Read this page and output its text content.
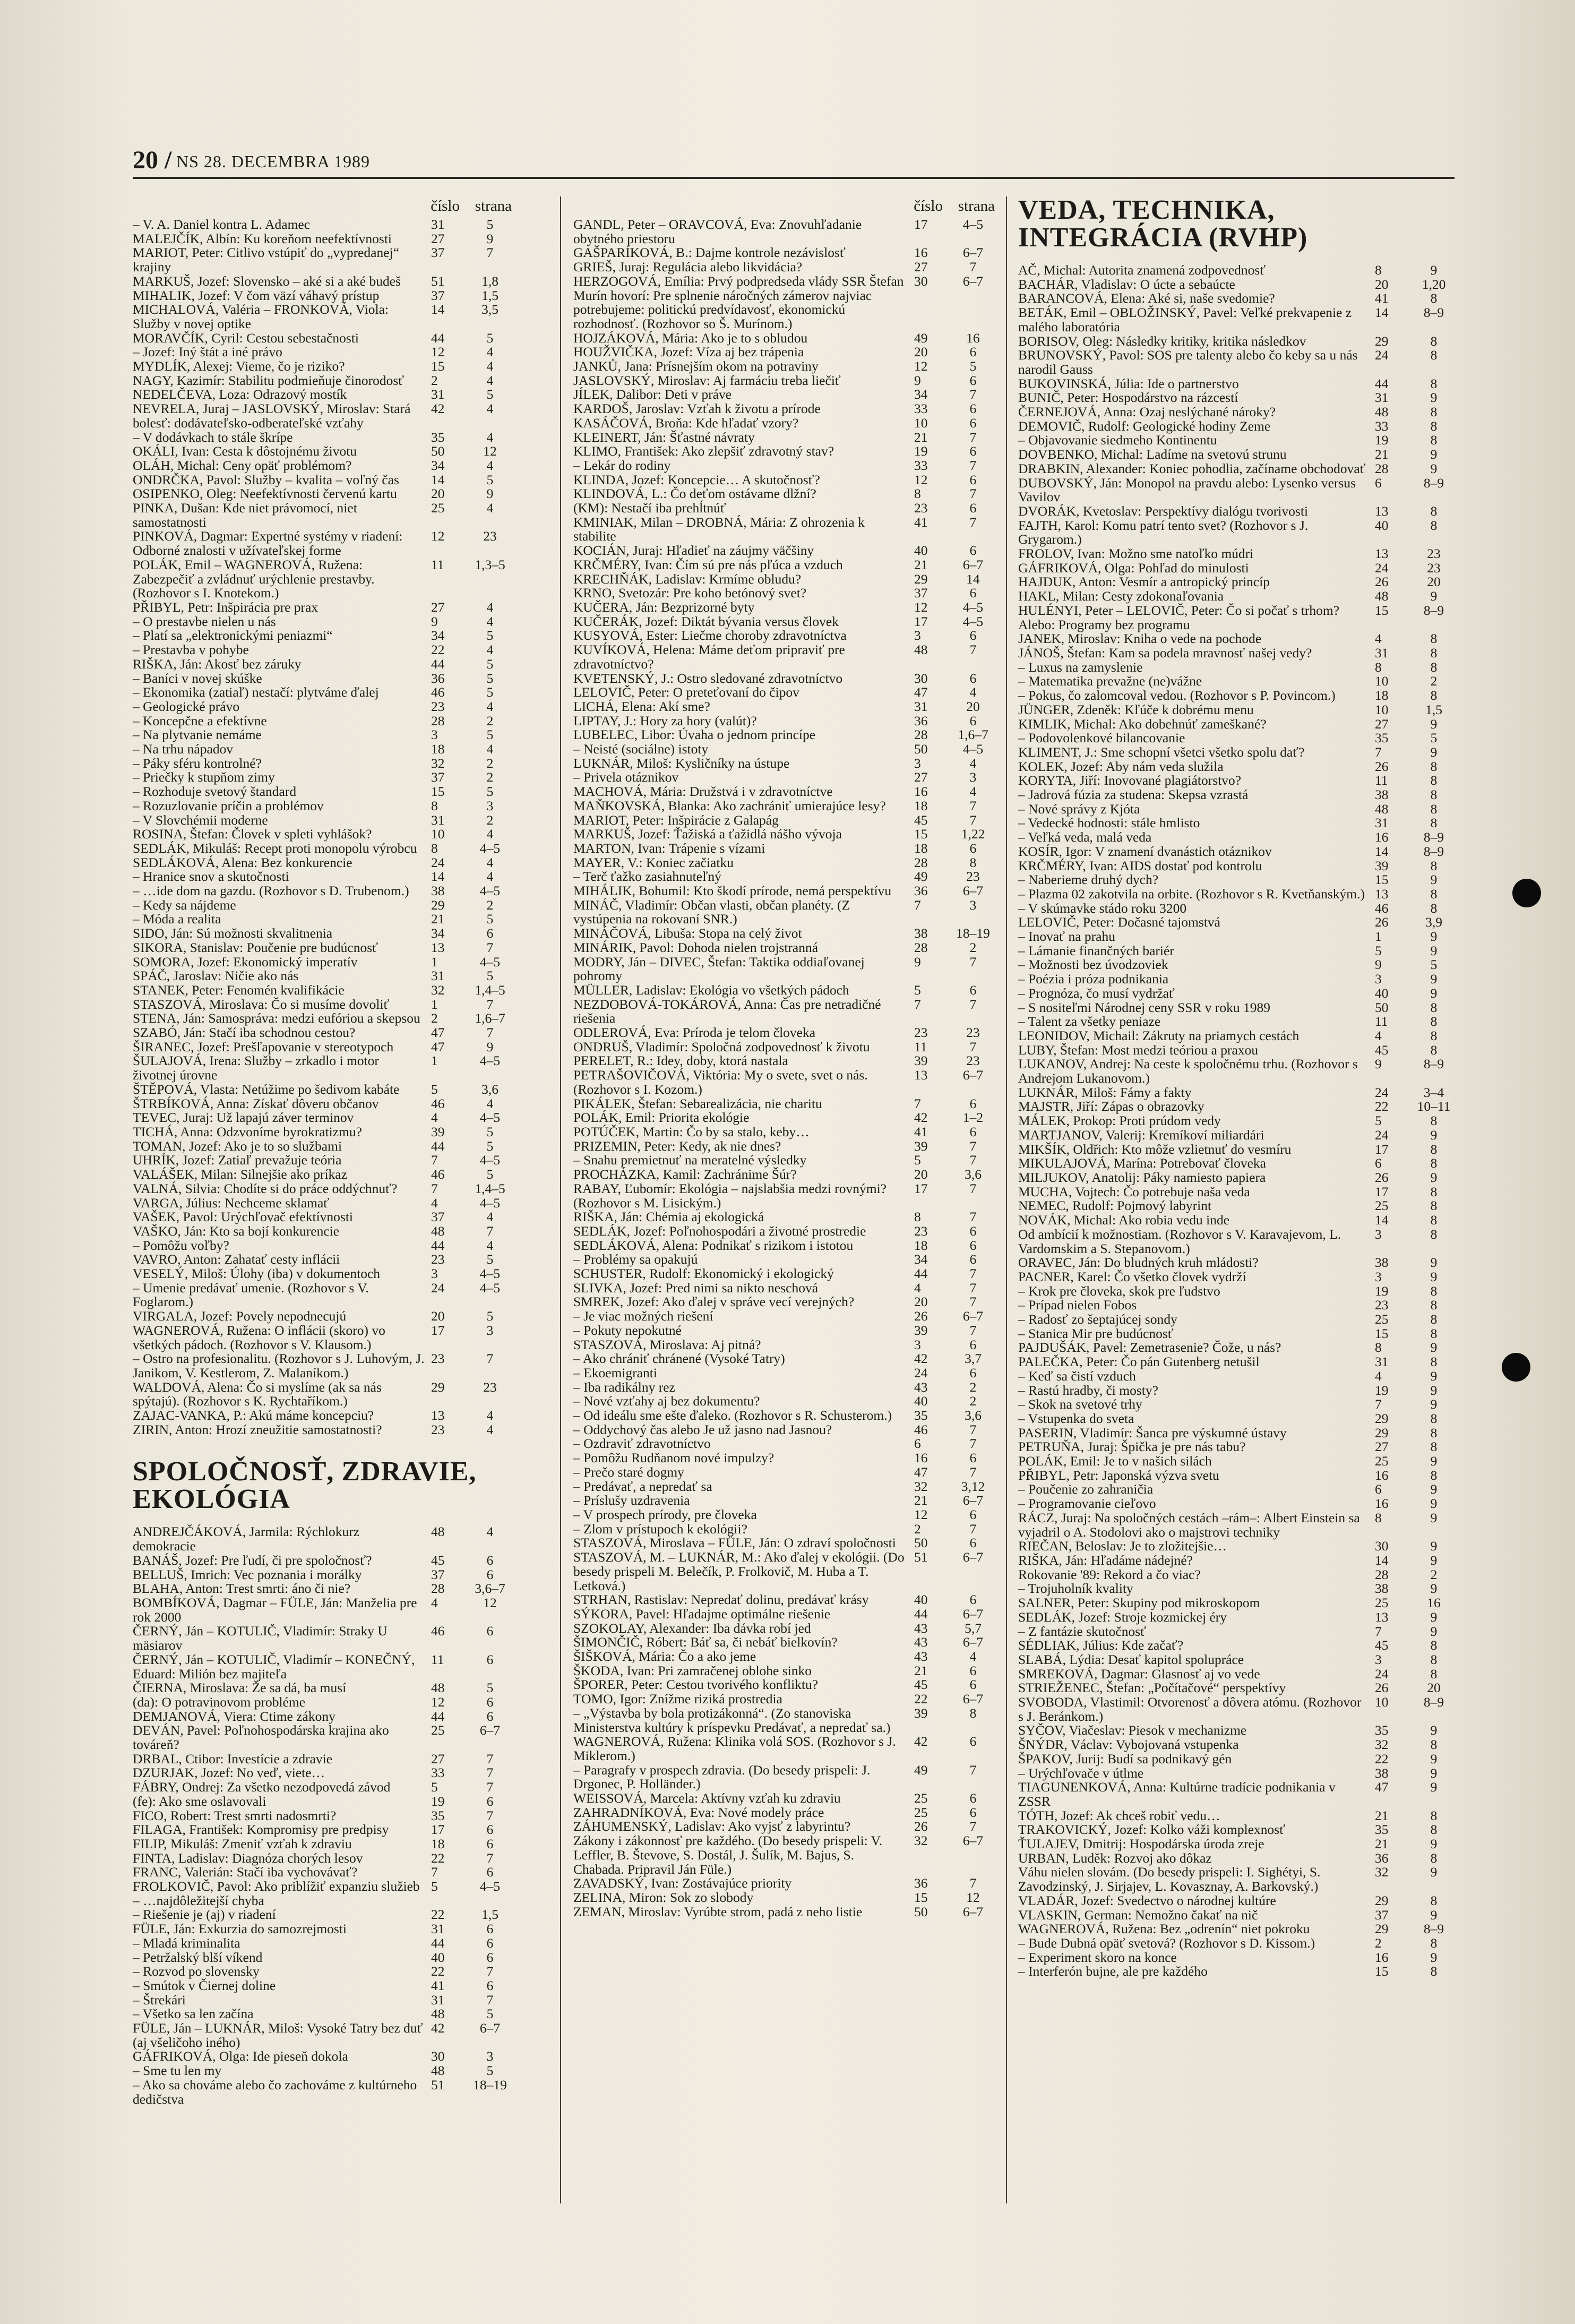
20 / NS 28. DECEMBRA 1989
číslo strana
– V. A. Daniel kontra L. Adamec	31	5
MALEJČÍK, Albín: Ku koreňom neefektívnosti	27	9
MARIOT, Peter: Citlivo vstúpiť do „vypredanej“ krajiny
37	7
MARKUŠ, Jozef: Slovensko – aké si a aké budeš	51	1,8
MIHALIK, Jozef: V čom väzí váhavý prístup	37	1,5
MICHALOVÁ, Valéria – FRONKOVÁ, Viola: Služby v novej optike
14	3,5
MORAVČÍK, Cyril: Cestou sebestačnosti	44	5
– Jozef: Iný štát a iné právo	12	4
MYDLÍK, Alexej: Vieme, čo je riziko?	15	4
NAGY, Kazimír: Stabilitu podmieňuje činorodosť	2	4
NEDELČEVA, Loza: Odrazový mostík	31	5
NEVRELA, Juraj – JASLOVSKÝ, Miroslav: Stará bolesť: dodávateľsko-odberateľské vzťahy
42	4
– V dodávkach to stále škrípe	35	4
OKÁLI, Ivan: Cesta k dôstojnému životu	50	12
OLÁH, Michal: Ceny opäť problémom?	34	4
ONDRČKA, Pavol: Služby – kvalita – voľný čas	14	5
OSIPENKO, Oleg: Neefektívnosti červenú kartu	20	9
PINKA, Dušan: Kde niet právomocí, niet samostatnosti
25	4
PINKOVÁ, Dagmar: Expertné systémy v riadení: Odborné znalosti v užívateľskej forme
12	23
POLÁK, Emil – WAGNEROVÁ, Ružena: Zabezpečiť a zvládnuť urýchlenie prestavby. (Rozhovor s I. Knotekom.)
11	1,3–5
PŘIBYL, Petr: Inšpirácia pre prax	27	4
– O prestavbe nielen u nás	9	4
– Platí sa „elektronickými peniazmi“	34	5
– Prestavba v pohybe	22	4
RIŠKA, Ján: Akosť bez záruky	44	5
– Baníci v novej skúške	36	5
– Ekonomika (zatiaľ) nestačí: plytváme ďalej	46	5
– Geologické právo	23	4
– Koncepčne a efektívne	28	2
– Na plytvanie nemáme	3	5
– Na trhu nápadov	18	4
– Páky sféru kontrolné?	32	2
– Priečky k stupňom zimy	37	2
– Rozhoduje svetový štandard	15	5
– Rozuzlovanie príčin a problémov	8	3
– V Slovchémii moderne	31	2
ROSINA, Štefan: Človek v spleti vyhlášok?	10	4
SEDLÁK, Mikuláš: Recept proti monopolu výrobcu	8	4–5
SEDLÁKOVÁ, Alena: Bez konkurencie	24	4
– Hranice snov a skutočnosti	14	4
– …ide dom na gazdu. (Rozhovor s D. Trubenom.)	38	4–5
– Kedy sa nájdeme	29	2
– Móda a realita	21	5
SIDO, Ján: Sú možnosti skvalitnenia	34	6
SIKORA, Stanislav: Poučenie pre budúcnosť	13	7
SOMORA, Jozef: Ekonomický imperatív	1	4–5
SPÁČ, Jaroslav: Ničie ako nás	31	5
STANEK, Peter: Fenomén kvalifikácie	32	1,4–5
STASZOVÁ, Miroslava: Čo si musíme dovoliť	1	7
STENA, Ján: Samospráva: medzi eufóriou a skepsou 2	1,6–7
SZABÓ, Ján: Stačí iba schodnou cestou?	47	7
ŠIRANEC, Jozef: Prešľapovanie v stereotypoch	47	9
ŠULAJOVÁ, Irena: Služby – zrkadlo i motor životnej úrovne
1	4–5
ŠTĚPOVÁ, Vlasta: Netúžime po šedivom kabáte	5	3,6
ŠTRBÍKOVÁ, Anna: Získať dôveru občanov	46	4
TEVEC, Juraj: Už lapajú záver terminov	4	4–5
TICHÁ, Anna: Odzvoníme byrokratizmu?	39	5
TOMAN, Jozef: Ako je to so službami	44	5
UHRÍK, Jozef: Zatiaľ prevažuje teória	7	4–5
VALÁŠEK, Milan: Silnejšie ako príkaz	46	5
VALNÁ, Silvia: Chodíte si do práce oddýchnuť?	7	1,4–5
VARGA, Július: Nechceme sklamať	4	4–5
VAŠEK, Pavol: Urýchľovač efektívnosti	37	4
VAŠKO, Ján: Kto sa bojí konkurencie	48	7
– Pomôžu voľby?	44	4
VAVRO, Anton: Zahatať cesty inflácii	23	5
VESELÝ, Miloš: Úlohy (iba) v dokumentoch	3	4–5
– Umenie predávať umenie. (Rozhovor s V. Foglarom.)
24	4–5
VIRGALA, Jozef: Povely nepodnecujú	20	5
WAGNEROVÁ, Ružena: O inflácii (skoro) vo všetkých pádoch. (Rozhovor s V. Klausom.)
17	3
– Ostro na profesionalitu. (Rozhovor s J. Luhovým, J. Janikom, V. Kestlerom, Z. Malaníkom.)
23	7
WALDOVÁ, Alena: Čo si myslíme (ak sa nás spýtajú). (Rozhovor s K. Rychtaříkom.)
29	23
ZAJAC-VANKA, P.: Akú máme koncepciu?	13	4
ZIRIN, Anton: Hrozí zneužitie samostatnosti?	23	4
SPOLOČNOSŤ, ZDRAVIE, EKOLÓGIA
ANDREJČÁKOVÁ, Jarmila: Rýchlokurz demokracie
48	4
BANÁŠ, Jozef: Pre ľudí, či pre spoločnosť?	45	6
BELLUŠ, Imrich: Vec poznania i morálky	37	6
BLAHA, Anton: Trest smrti: áno či nie?	28	3,6–7
BOMBÍKOVÁ, Dagmar – FÜLE, Ján: Manželia pre rok 2000
4	12
ČERNÝ, Ján – KOTULIČ, Vladimír: Straky U mäsiarov
46	6
ČERNÝ, Ján – KOTULIČ, Vladimír – KONEČNÝ, Eduard: Milión bez majiteľa
11	6
ČIERNA, Miroslava: Že sa dá, ba musí	48	5
(da): O potravinovom probléme	12	6
DEMJANOVÁ, Viera: Ctime zákony	44	6
DEVÁN, Pavel: Poľnohospodárska krajina ako továreň?
25	6–7
DRBAL, Ctibor: Investície a zdravie	27	7
DZURJAK, Jozef: No veď, viete…	33	7
FÁBRY, Ondrej: Za všetko nezodpovedá závod	5	7
(fe): Ako sme oslavovali	19	6
FICO, Robert: Trest smrti nadosmrti?	35	7
FILAGA, František: Kompromisy pre predpisy	17	6
FILIP, Mikuláš: Zmeniť vzťah k zdraviu	18	6
FINTA, Ladislav: Diagnóza chorých lesov	22	7
FRANC, Valerián: Stačí iba vychovávať?	7	6
FROLKOVIČ, Pavol: Ako priblížiť expanziu služieb – …najdôležitejší chyba
5	4–5
– Riešenie je (aj) v riadení	22	1,5
FÜLE, Ján: Exkurzia do samozrejmosti	31	6
– Mladá kriminalita	44	6
– Petržalský blší víkend	40	6
– Rozvod po slovensky	22	7
– Smútok v Čiernej doline	41	6
– Štrekári	31	7
– Všetko sa len začína	48	5
FÜLE, Ján – LUKNÁR, Miloš: Vysoké Tatry bez duť (aj všeličoho iného)
42	6–7
GÁFRIKOVÁ, Olga: Ide pieseň dokola	30	3
– Sme tu len my	48	5
– Ako sa chováme alebo čo zachováme z kultúrneho dedičstva
51	18–19
číslo strana
GANDL, Peter – ORAVCOVÁ, Eva: Znovuhľadanie obytného priestoru
17	4–5
GAŠPARÍKOVÁ, B.: Dajme kontrole nezávislosť	16	6–7
GRIEŠ, Juraj: Regulácia alebo likvidácia?	27	7
HERZOGOVÁ, Emília: Prvý podpredseda vlády SSR Štefan Murín hovorí: Pre splnenie náročných zámerov najviac potrebujeme: politickú predvídavosť, ekonomickú rozhodnosť. (Rozhovor so Š. Murínom.)
30	6–7
HOJZÁKOVÁ, Mária: Ako je to s obludou	49	16
HOUŽVIČKA, Jozef: Víza aj bez trápenia	20	6
JANKŮ, Jana: Prísnejším okom na potraviny	12	5
JASLOVSKÝ, Miroslav: Aj farmáciu treba liečiť	9	6
JÍLEK, Dalibor: Deti v práve	34	7
KARDOŠ, Jaroslav: Vzťah k životu a prírode	33	6
KASÁČOVÁ, Broňa: Kde hľadať vzory?	10	6
KLEINERT, Ján: Šťastné návraty	21	7
KLIMO, František: Ako zlepšiť zdravotný stav?	19	6
– Lekár do rodiny	33	7
KLINDA, Jozef: Koncepcie… A skutočnosť?	12	6
KLINDOVÁ, L.: Čo deťom ostávame dlžní?	8	7
(KM): Nestačí iba prehĺtnúť	23	6
KMINIAK, Milan – DROBNÁ, Mária: Z ohrozenia k stabilite
41	7
KOCIÁN, Juraj: Hľadieť na záujmy väčšiny	40	6
KRČMÉRY, Ivan: Čím sú pre nás pľúca a vzduch	21	6–7
KRECHŇÁK, Ladislav: Krmíme obludu?	29	14
KRNO, Svetozár: Pre koho betónový svet?	37	6
KUČERA, Ján: Bezprizorné byty	12	4–5
KUČERÁK, Jozef: Diktát bývania versus človek	17	4–5
KUSYOVÁ, Ester: Liečme choroby zdravotníctva	3	6
KUVÍKOVÁ, Helena: Máme deťom pripraviť pre zdravotníctvo?
48	7
KVETENSKÝ, J.: Ostro sledované zdravotníctvo	30	6
LELOVIČ, Peter: O preteťovaní do čipov	47	4
LICHÁ, Elena: Akí sme?	31	20
LIPTAY, J.: Hory za hory (valút)?	36	6
LUBELEC, Libor: Úvaha o jednom princípe	28	1,6–7
– Neisté (sociálne) istoty	50	4–5
LUKNÁR, Miloš: Kysličníky na ústupe	3	4
– Privela otáznikov	27	3
MACHOVÁ, Mária: Družstvá i v zdravotníctve	16	4
MAŇKOVSKÁ, Blanka: Ako zachrániť umierajúce lesy?	18	7
MARIOT, Peter: Inšpirácie z Galapág	45	7
MARKUŠ, Jozef: Ťažiská a ťažidlá nášho vývoja	15	1,22
MARTON, Ivan: Trápenie s vízami	18	6
MAYER, V.: Koniec začiatku	28	8
– Terč ťažko zasiahnuteľný	49	23
MIHÁLIK, Bohumil: Kto škodí prírode, nemá perspektívu	36	6–7
MINÁČ, Vladimír: Občan vlasti, občan planéty. (Z vystúpenia na rokovaní SNR.)
7	3
MINÁČOVÁ, Libuša: Stopa na celý život	38	18–19
MINÁRIK, Pavol: Dohoda nielen trojstranná	28	2
MODRY, Ján – DIVEC, Štefan: Taktika oddiaľovanej pohromy
9	7
MÜLLER, Ladislav: Ekológia vo všetkých pádoch	5	6
NEZDOBOVÁ-TOKÁROVÁ, Anna: Čas pre netradičné riešenia
7	7
ODLEROVÁ, Eva: Príroda je telom človeka	23	23
ONDRUŠ, Vladimír: Spoločná zodpovednosť k životu	11	7
PERELET, R.: Idey, doby, ktorá nastala	39	23
PETRAŠOVIČOVÁ, Viktória: My o svete, svet o nás. (Rozhovor s I. Kozom.)
13	6–7
PIKÁLEK, Štefan: Sebarealizácia, nie charitu	7	6
POLÁK, Emil: Priorita ekológie	42	1–2
POTÚČEK, Martin: Čo by sa stalo, keby…	41	6
PRIZEMIN, Peter: Kedy, ak nie dnes?	39	7
– Snahu premietnuť na meratelné výsledky	5	7
PROCHÁZKA, Kamil: Zachránime Šúr?	20	3,6
RABAY, Ľubomír: Ekológia – najslabšia medzi rovnými? (Rozhovor s M. Lisickým.)
17	7
RIŠKA, Ján: Chémia aj ekologická	8	7
SEDLÁK, Jozef: Poľnohospodári a životné prostredie	23	6
SEDLÁKOVÁ, Alena: Podnikať s rizikom i istotou	18	6
– Problémy sa opakujú	34	6
SCHUSTER, Rudolf: Ekonomický i ekologický	44	7
SLIVKA, Jozef: Pred nimi sa nikto neschová	4	7
SMREK, Jozef: Ako ďalej v správe vecí verejných?	20	7
– Je viac možných riešení	26	6–7
– Pokuty nepokutné	39	7
STASZOVÁ, Miroslava: Aj pitná?	3	6
– Ako chrániť chránené (Vysoké Tatry)	42	3,7
– Ekoemigranti	24	6
– Iba radikálny rez	43	2
– Nové vzťahy aj bez dokumentu?	40	2
– Od ideálu sme ešte ďaleko. (Rozhovor s R. Schusterom.)	35	3,6
– Oddychový čas alebo Je už jasno nad Jasnou?	46	7
– Ozdraviť zdravotníctvo	6	7
– Pomôžu Rudňanom nové impulzy?	16	6
– Prečo staré dogmy	47	7
– Predávať, a nepredať sa	32	3,12
– Príslušy uzdravenia	21	6–7
– V prospech prírody, pre človeka	12	6
– Zlom v prístupoch k ekológii?	2	7
STASZOVÁ, Miroslava – FÜLE, Ján: O zdraví spoločnosti	50	6
STASZOVÁ, M. – LUKNÁR, M.: Ako ďalej v ekológii. (Do besedy prispeli M. Belečík, P. Frolkovič, M. Huba a T. Letková.)
51	6–7
STRHAN, Rastislav: Nepredať dolinu, predávať krásy	40	6
SÝKORA, Pavel: Hľadajme optimálne riešenie	44	6–7
SZOKOLAY, Alexander: Iba dávka robí jed	43	5,7
ŠIMONČIČ, Róbert: Báť sa, či nebáť bielkovín?	43	6–7
ŠIŠKOVÁ, Mária: Čo a ako jeme	43	4
ŠKODA, Ivan: Pri zamračenej oblohe sinko	21	6
ŠPORER, Peter: Cestou tvorivého konfliktu?	45	6
TOMO, Igor: Znížme riziká prostredia	22	6–7
– „Výstavba by bola protizákonná“. (Zo stanoviska Ministerstva kultúry k príspevku Predávať, a nepredať sa.)
39	8
WAGNEROVÁ, Ružena: Klinika volá SOS. (Rozhovor s J. Miklerom.)
42	6
– Paragrafy v prospech zdravia. (Do besedy prispeli: J. Drgonec, P. Holländer.)
49	7
WEISSOVÁ, Marcela: Aktívny vzťah ku zdraviu	25	6
ZAHRADNÍKOVÁ, Eva: Nové modely práce	25	6
ZÁHUMENSKÝ, Ladislav: Ako vyjsť z labyrintu?	26	7
Zákony i zákonnosť pre každého. (Do besedy prispeli: V. Leffler, B. Števove, S. Dostál, J. Šulík, M. Bajus, S. Chabada. Pripravil Ján Füle.)
32	6–7
ZAVADSKÝ, Ivan: Zostávajúce priority	36	7
ZELINA, Miron: Sok zo slobody	15	12
ZEMAN, Miroslav: Vyrúbte strom, padá z neho listie	50	6–7
VEDA, TECHNIKA, INTEGRÁCIA (RVHP)
AČ, Michal: Autorita znamená zodpovednosť	8	9
BACHÁR, Vladislav: O úcte a sebaúcte	20	1,20
BARANCOVÁ, Elena: Aké si, naše svedomie?	41	8
BETÁK, Emil – OBLOŽINSKÝ, Pavel: Veľké prekvapenie z malého laboratória
14	8–9
BORISOV, Oleg: Následky kritiky, kritika následkov	29	8
BRUNOVSKÝ, Pavol: SOS pre talenty alebo čo keby sa u nás narodil Gauss
24	8
BUKOVINSKÁ, Júlia: Ide o partnerstvo	44	8
BUNIČ, Peter: Hospodárstvo na rázcestí	31	9
ČERNEJOVÁ, Anna: Ozaj neslýchané nároky?	48	8
DEMOVIČ, Rudolf: Geologické hodiny Zeme	33	8
– Objavovanie siedmeho Kontinentu	19	8
DOVBENKO, Michal: Ladíme na svetovú strunu	21	9
DRABKIN, Alexander: Koniec pohodlia, začíname obchodovať 28	9
DUBOVSKÝ, Ján: Monopol na pravdu alebo: Lysenko versus Vavilov
6	8–9
DVORÁK, Kvetoslav: Perspektívy dialógu tvorivosti	13	8
FAJTH, Karol: Komu patrí tento svet? (Rozhovor s J. Grygarom.)
40	8
FROLOV, Ivan: Možno sme natoľko múdri	13	23
GÁFRIKOVÁ, Olga: Pohľad do minulosti	24	23
HAJDUK, Anton: Vesmír a antropický princíp	26	20
HAKL, Milan: Cesty zdokonaľovania	48	9
HULÉNYI, Peter – LELOVIČ, Peter: Čo si počať s trhom? Alebo: Programy bez programu
15	8–9
JANEK, Miroslav: Kniha o vede na pochode	4	8
JÁNOŠ, Štefan: Kam sa podela mravnosť našej vedy?	31	8
– Luxus na zamyslenie	8	8
– Matematika prevažne (ne)vážne	10	2
– Pokus, čo zalomcoval vedou. (Rozhovor s P. Povincom.)	18	8
JÜNGER, Zdeněk: Kľúče k dobrému menu	10	1,5
KIMLIK, Michal: Ako dobehnúť zameškané?	27	9
– Podovolenkové bilancovanie	35	5
KLIMENT, J.: Sme schopní všetci všetko spolu dať?	7	9
KOLEK, Jozef: Aby nám veda služila	26	8
KORYTA, Jiří: Inovované plagiátorstvo?	11	8
– Jadrová fúzia za studena: Skepsa vzrastá	38	8
– Nové správy z Kjóta	48	8
– Vedecké hodnosti: stále hmlisto	31	8
– Veľká veda, malá veda	16	8–9
KOSÍR, Igor: V znamení dvanástich otáznikov	14	8–9
KRČMÉRY, Ivan: AIDS dostať pod kontrolu	39	8
– Naberieme druhý dych?	15	9
– Plazma 02 zakotvila na orbite. (Rozhovor s R. Kvetňanským.) 13	8
– V skúmavke stádo roku 3200	46	8
LELOVIČ, Peter: Dočasné tajomstvá	26	3,9
– Inovať na prahu	1	9
– Lámanie finančných bariér	5	9
– Možnosti bez úvodzoviek	9	5
– Poézia i próza podnikania	3	9
– Prognóza, čo musí vydržať	40	9
– S nositeľmi Národnej ceny SSR v roku 1989	50	8
– Talent za všetky peniaze	11	8
LEONIDOV, Michail: Zákruty na priamych cestách	4	8
LUBY, Štefan: Most medzi teóriou a praxou	45	8
LUKANOV, Andrej: Na ceste k spoločnému trhu. (Rozhovor s Andrejom Lukanovom.)
9	8–9
LUKNÁR, Miloš: Fámy a fakty	24	3–4
MAJSTR, Jiří: Zápas o obrazovky	22	10–11
MÁLEK, Prokop: Proti prúdom vedy	5	8
MARTJANOV, Valerij: Kremíkoví miliardári	24	9
MIKŠÍK, Oldřich: Kto môže vzlietnuť do vesmíru	17	8
MIKULAJOVÁ, Marína: Potrebovať človeka	6	8
MILJUKOV, Anatolij: Páky namiesto papiera	26	9
MUCHA, Vojtech: Čo potrebuje naša veda	17	8
NEMEC, Rudolf: Pojmový labyrint	25	8
NOVÁK, Michal: Ako robia vedu inde	14	8
Od ambícií k možnostiam. (Rozhovor s V. Karavajevom, L. Vardomskim a S. Stepanovom.)
3	8
ORAVEC, Ján: Do bludných kruh mládosti?	38	9
PACNER, Karel: Čo všetko človek vydrží	3	9
– Krok pre človeka, skok pre ľudstvo	19	8
– Prípad nielen Fobos	23	8
– Radosť zo šeptajúcej sondy	25	8
– Stanica Mir pre budúcnosť	15	8
PAJDUŠÁK, Pavel: Zemetrasenie? Čože, u nás?	8	9
PALEČKA, Peter: Čo pán Gutenberg netušil	31	8
– Keď sa čistí vzduch	4	9
– Rastú hradby, či mosty?	19	9
– Skok na svetové trhy	7	9
– Vstupenka do sveta	29	8
PASERIN, Vladimír: Šanca pre výskumné ústavy	29	8
PETRUŇA, Juraj: Špička je pre nás tabu?	27	8
POLÁK, Emil: Je to v našich silách	25	9
PŘIBYL, Petr: Japonská výzva svetu	16	8
– Poučenie zo zahraničia	6	9
– Programovanie cieľovo	16	9
RÁCZ, Juraj: Na spoločných cestách –rám–: Albert Einstein sa vyjadril o A. Stodolovi ako o majstrovi techniky
8	9
RIEČAN, Beloslav: Je to zložitejšie…	30	9
RIŠKA, Ján: Hľadáme nádejné?	14	9
Rokovanie '89: Rekord a čo viac?	28	2
– Trojuholník kvality	38	9
SALNER, Peter: Skupiny pod mikroskopom	25	16
SEDLÁK, Jozef: Stroje kozmickej éry	13	9
– Z fantázie skutočnosť	7	9
SÉDLIAK, Július: Kde začať?	45	8
SLABÁ, Lýdia: Desať kapitol spolupráce	3	8
SMREKOVÁ, Dagmar: Glasnosť aj vo vede	24	8
STRIEŽENEC, Štefan: „Počítačové“ perspektívy	26	20
SVOBODA, Vlastimil: Otvorenosť a dôvera atómu. (Rozhovor s J. Beránkom.)
10	8–9
SYČOV, Viačeslav: Piesok v mechanizme	35	9
ŠNÝDR, Václav: Vybojovaná vstupenka	32	8
ŠPAKOV, Jurij: Budí sa podnikavý gén	22	9
– Urýchľovače v útlme	38	9
TIAGUNENKOVÁ, Anna: Kultúrne tradície podnikania v ZSSR
47	9
TÓTH, Jozef: Ak chceš robiť vedu…	21	8
TRAKOVICKÝ, Jozef: Kolko váži komplexnosť	35	8
ŤULAJEV, Dmitrij: Hospodárska úroda zreje	21	9
URBAN, Luděk: Rozvoj ako dôkaz	36	8
Váhu nielen slovám. (Do besedy prispeli: I. Sighétyi, S. Zavodzinský, J. Sirjajev, L. Kovasznay, A. Barkovský.)
32	9
VLADÁR, Jozef: Svedectvo o národnej kultúre	29	8
VLASKIN, German: Nemožno čakať na nič	37	9
WAGNEROVÁ, Ružena: Bez „odrenín“ niet pokroku	29	8–9
– Bude Dubná opäť svetová? (Rozhovor s D. Kissom.)	2	8
– Experiment skoro na konce	16	9
– Interferón bujne, ale pre každého	15	8
